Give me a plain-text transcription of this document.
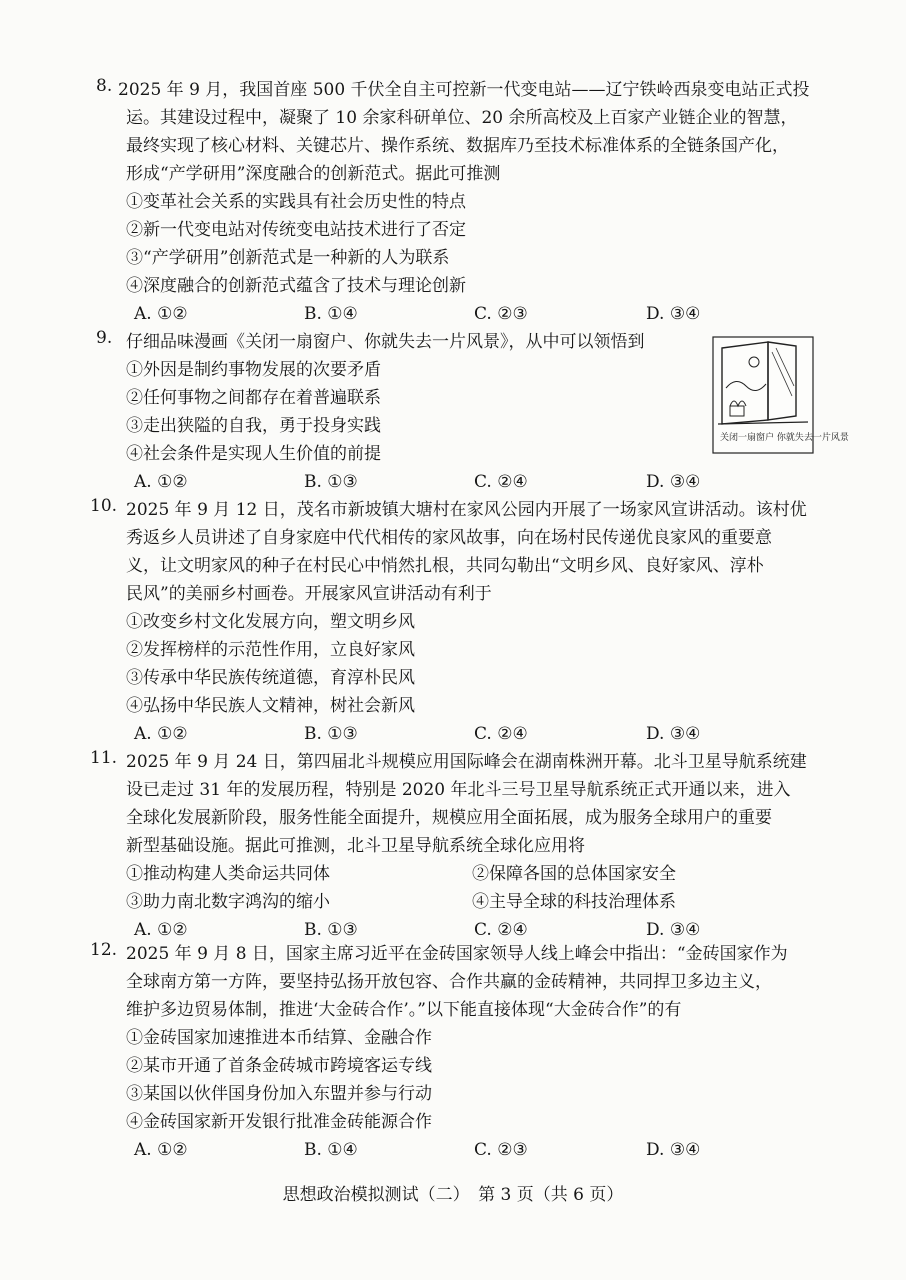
8. 2025 年 9 月，我国首座 500 千伏全自主可控新一代变电站——辽宁铁岭西泉变电站正式投
运。其建设过程中，凝聚了 10 余家科研单位、20 余所高校及上百家产业链企业的智慧，
最终实现了核心材料、关键芯片、操作系统、数据库乃至技术标准体系的全链条国产化，
形成“产学研用”深度融合的创新范式。据此可推测
①变革社会关系的实践具有社会历史性的特点
②新一代变电站对传统变电站技术进行了否定
③“产学研用”创新范式是一种新的人为联系
④深度融合的创新范式蕴含了技术与理论创新
A. ①②	B. ①④	C. ②③	D. ③④
9. 仔细品味漫画《关闭一扇窗户、你就失去一片风景》，从中可以领悟到
①外因是制约事物发展的次要矛盾
②任何事物之间都存在着普遍联系
③走出狭隘的自我，勇于投身实践
④社会条件是实现人生价值的前提
A. ①②	B. ①③	C. ②④	D. ③④
关闭一扇窗户 你就失去一片风景
10. 2025 年 9 月 12 日，茂名市新坡镇大塘村在家风公园内开展了一场家风宣讲活动。该村优
秀返乡人员讲述了自身家庭中代代相传的家风故事，向在场村民传递优良家风的重要意
义，让文明家风的种子在村民心中悄然扎根，共同勾勒出“文明乡风、良好家风、淳朴
民风”的美丽乡村画卷。开展家风宣讲活动有利于
①改变乡村文化发展方向，塑文明乡风
②发挥榜样的示范性作用，立良好家风
③传承中华民族传统道德，育淳朴民风
④弘扬中华民族人文精神，树社会新风
A. ①②	B. ①③	C. ②④	D. ③④
11. 2025 年 9 月 24 日，第四届北斗规模应用国际峰会在湖南株洲开幕。北斗卫星导航系统建
设已走过 31 年的发展历程，特别是 2020 年北斗三号卫星导航系统正式开通以来，进入
全球化发展新阶段，服务性能全面提升，规模应用全面拓展，成为服务全球用户的重要
新型基础设施。据此可推测，北斗卫星导航系统全球化应用将
①推动构建人类命运共同体	②保障各国的总体国家安全
③助力南北数字鸿沟的缩小	④主导全球的科技治理体系
A. ①②	B. ①③	C. ②④	D. ③④
12. 2025 年 9 月 8 日，国家主席习近平在金砖国家领导人线上峰会中指出：“金砖国家作为
全球南方第一方阵，要坚持弘扬开放包容、合作共赢的金砖精神，共同捍卫多边主义，
维护多边贸易体制，推进‘大金砖合作’。”以下能直接体现“大金砖合作”的有
①金砖国家加速推进本币结算、金融合作
②某市开通了首条金砖城市跨境客运专线
③某国以伙伴国身份加入东盟并参与行动
④金砖国家新开发银行批准金砖能源合作
A. ①②	B. ①④	C. ②③	D. ③④
思想政治模拟测试（二）　第 3 页（共 6 页）
